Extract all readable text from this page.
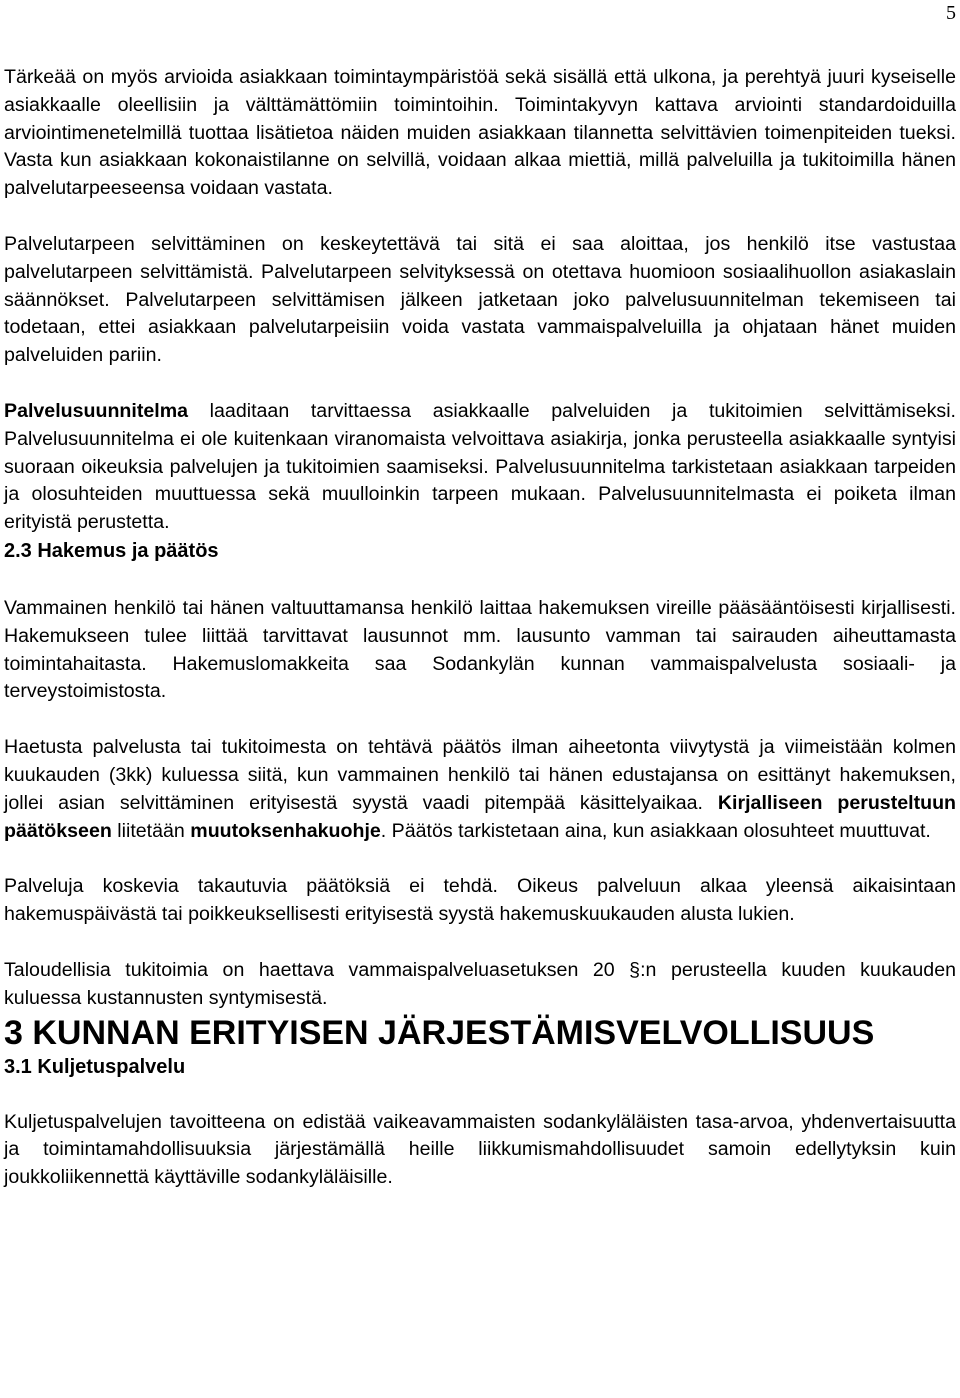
5

Tärkeää on myös arvioida asiakkaan toimintaympäristöä sekä sisällä että ulkona, ja perehtyä juuri kyseiselle asiakkaalle oleellisiin ja välttämättömiin toimintoihin. Toimintakyvyn kattava arviointi standardoiduilla arviointimenetelmillä tuottaa lisätietoa näiden muiden asiakkaan tilannetta selvittävien toimenpiteiden tueksi. Vasta kun asiakkaan kokonaistilanne on selvillä, voidaan alkaa miettiä, millä palveluilla ja tukitoimilla hänen palvelutarpeeseensa voidaan vastata.

Palvelutarpeen selvittäminen on keskeytettävä tai sitä ei saa aloittaa, jos henkilö itse vastustaa palvelutarpeen selvittämistä. Palvelutarpeen selvityksessä on otettava huomioon sosiaalihuollon asiakaslain säännökset. Palvelutarpeen selvittämisen jälkeen jatketaan joko palvelusuunnitelman tekemiseen tai todetaan, ettei asiakkaan palvelutarpeisiin voida vastata vammaispalveluilla ja ohjataan hänet muiden palveluiden pariin.

Palvelusuunnitelma laaditaan tarvittaessa asiakkaalle palveluiden ja tukitoimien selvittämiseksi. Palvelusuunnitelma ei ole kuitenkaan viranomaista velvoittava asiakirja, jonka perusteella asiakkaalle syntyisi suoraan oikeuksia palvelujen ja tukitoimien saamiseksi. Palvelusuunnitelma tarkistetaan asiakkaan tarpeiden ja olosuhteiden muuttuessa sekä muulloinkin tarpeen mukaan. Palvelusuunnitelmasta ei poiketa ilman erityistä perustetta.

2.3 Hakemus ja päätös

Vammainen henkilö tai hänen valtuuttamansa henkilö laittaa hakemuksen vireille pääsääntöisesti kirjallisesti. Hakemukseen tulee liittää tarvittavat lausunnot mm. lausunto vamman tai sairauden aiheuttamasta toimintahaitasta. Hakemuslomakkeita saa Sodankylän kunnan vammaispalvelusta sosiaali- ja terveystoimistosta.

Haetusta palvelusta tai tukitoimesta on tehtävä päätös ilman aiheetonta viivytystä ja viimeistään kolmen kuukauden (3kk) kuluessa siitä, kun vammainen henkilö tai hänen edustajansa on esittänyt hakemuksen, jollei asian selvittäminen erityisestä syystä vaadi pitempää käsittelyaikaa. Kirjalliseen perusteltuun päätökseen liitetään muutoksenhakuohje. Päätös tarkistetaan aina, kun asiakkaan olosuhteet muuttuvat.

Palveluja koskevia takautuvia päätöksiä ei tehdä. Oikeus palveluun alkaa yleensä aikaisintaan hakemuspäivästä tai poikkeuksellisesti erityisestä syystä hakemuskuukauden alusta lukien.

Taloudellisia tukitoimia on haettava vammaispalveluasetuksen 20 §:n perusteella kuuden kuukauden kuluessa kustannusten syntymisestä.

3 KUNNAN ERITYISEN JÄRJESTÄMISVELVOLLISUUS
3.1 Kuljetuspalvelu

Kuljetuspalvelujen tavoitteena on edistää vaikeavammaisten sodankyläläisten tasa-arvoa, yhdenvertaisuutta ja toimintamahdollisuuksia järjestämällä heille liikkumismahdollisuudet samoin edellytyksin kuin joukkoliikennettä käyttäville sodankyläläisille.
